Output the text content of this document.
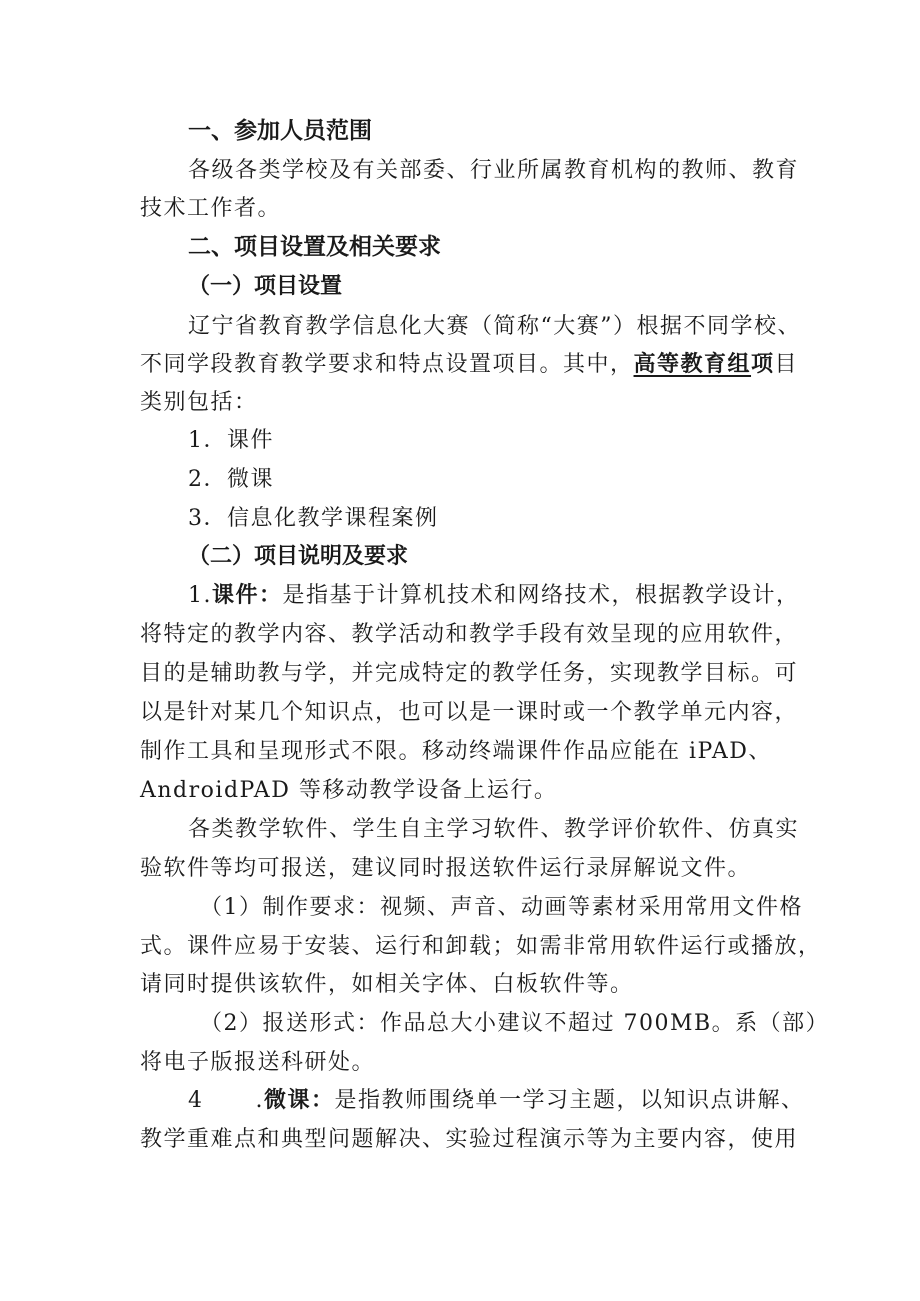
一、参加人员范围
各级各类学校及有关部委、行业所属教育机构的教师、教育
技术工作者。
二、项目设置及相关要求
（一）项目设置
辽宁省教育教学信息化大赛（简称“大赛”）根据不同学校、
不同学段教育教学要求和特点设置项目。其中，高等教育组项目
类别包括：
1．课件
2．微课
3．信息化教学课程案例
（二）项目说明及要求
1.课件：是指基于计算机技术和网络技术，根据教学设计，
将特定的教学内容、教学活动和教学手段有效呈现的应用软件，
目的是辅助教与学，并完成特定的教学任务，实现教学目标。可
以是针对某几个知识点，也可以是一课时或一个教学单元内容，
制作工具和呈现形式不限。移动终端课件作品应能在 iPAD、
AndroidPAD 等移动教学设备上运行。
各类教学软件、学生自主学习软件、教学评价软件、仿真实
验软件等均可报送，建议同时报送软件运行录屏解说文件。
（1）制作要求：视频、声音、动画等素材采用常用文件格
式。课件应易于安装、运行和卸载；如需非常用软件运行或播放，
请同时提供该软件，如相关字体、白板软件等。
（2）报送形式：作品总大小建议不超过 700MB。系（部）
将电子版报送科研处。
4 .微课：是指教师围绕单一学习主题，以知识点讲解、
教学重难点和典型问题解决、实验过程演示等为主要内容，使用
